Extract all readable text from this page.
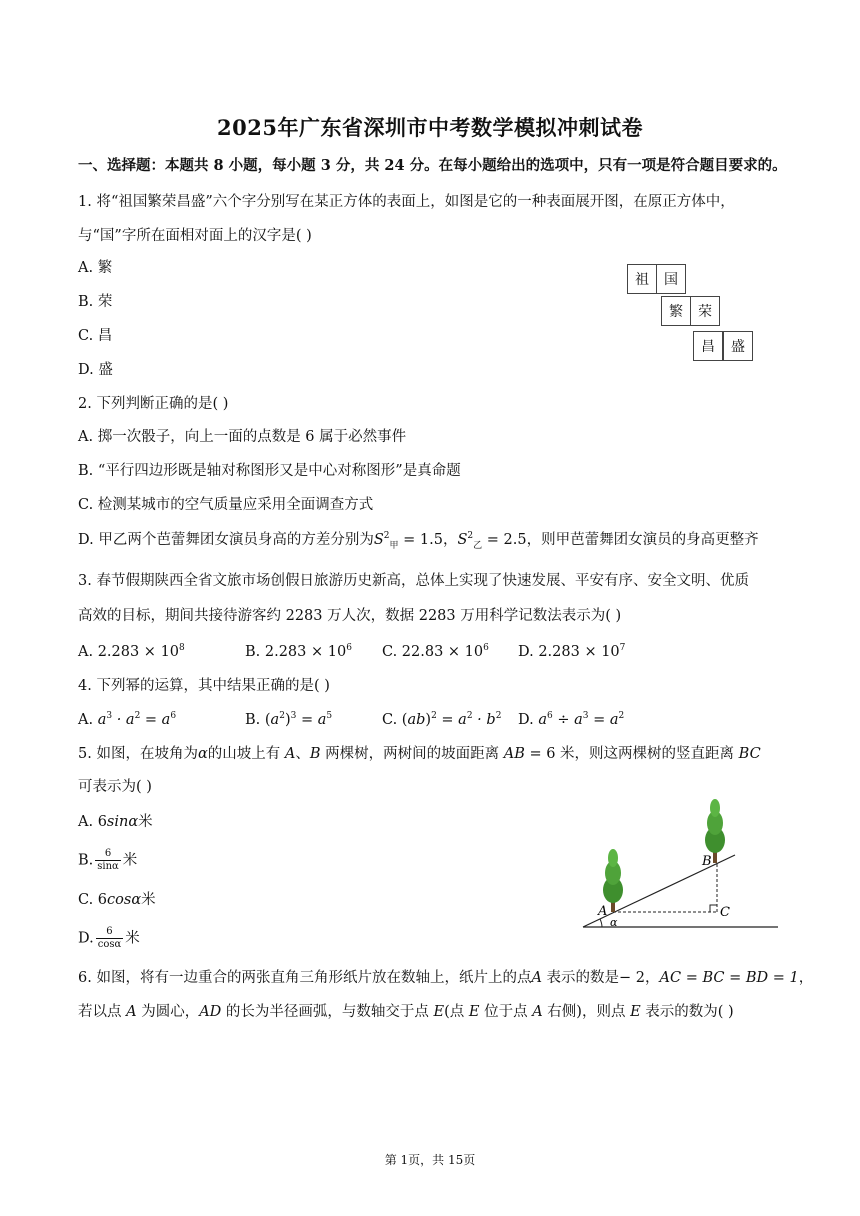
2025年广东省深圳市中考数学模拟冲刺试卷
一、选择题：本题共 8 小题，每小题 3 分，共 24 分。在每小题给出的选项中，只有一项是符合题目要求的。
1. 将“祖国繁荣昌盛”六个字分别写在某正方体的表面上，如图是它的一种表面展开图，在原正方体中，
与“国”字所在面相对面上的汉字是( )
A. 繁
B. 荣
C. 昌
D. 盛
祖	国
繁	荣
昌	盛
2. 下列判断正确的是( )
A. 掷一次骰子，向上一面的点数是 6 属于必然事件
B. “平行四边形既是轴对称图形又是中心对称图形”是真命题
C. 检测某城市的空气质量应采用全面调查方式
D. 甲乙两个芭蕾舞团女演员身高的方差分别为$S^2_甲 = 1.5$，$S^2_乙 = 2.5$，则甲芭蕾舞团女演员的身高更整齐
3. 春节假期陕西全省文旅市场创假日旅游历史新高，总体上实现了快速发展、平安有序、安全文明、优质
高效的目标，期间共接待游客约 2283 万人次，数据 2283 万用科学记数法表示为( )
A. $2.283 \times 10^8$	B. $2.283 \times 10^6$ C. $22.83 \times 10^6$ D. $2.283 \times 10^7$
4. 下列幂的运算，其中结果正确的是( )
A. $a^3 \cdot a^2 = a^6$	B. $(a^2)^3 = a^5$	C. $(ab)^2 = a^2 \cdot b^2$ D. $a^6 \div a^3 = a^2$
5. 如图，在坡角为α的山坡上有 A、B 两棵树，两树间的坡面距离 AB = 6 米，则这两棵树的竖直距离 BC
可表示为( )
A. 6sinα米
B. $\frac{6}{\sin\alpha}$ 米
C. 6cosα米
D. $\frac{6}{\cos\alpha}$ 米
A
B
C
α
6. 如图，将有一边重合的两张直角三角形纸片放在数轴上，纸片上的点A 表示的数是− 2，AC = BC = BD = 1，
若以点 A 为圆心，AD 的长为半径画弧，与数轴交于点 E(点 E 位于点 A 右侧)，则点 E 表示的数为( )
第 1页，共 15页
